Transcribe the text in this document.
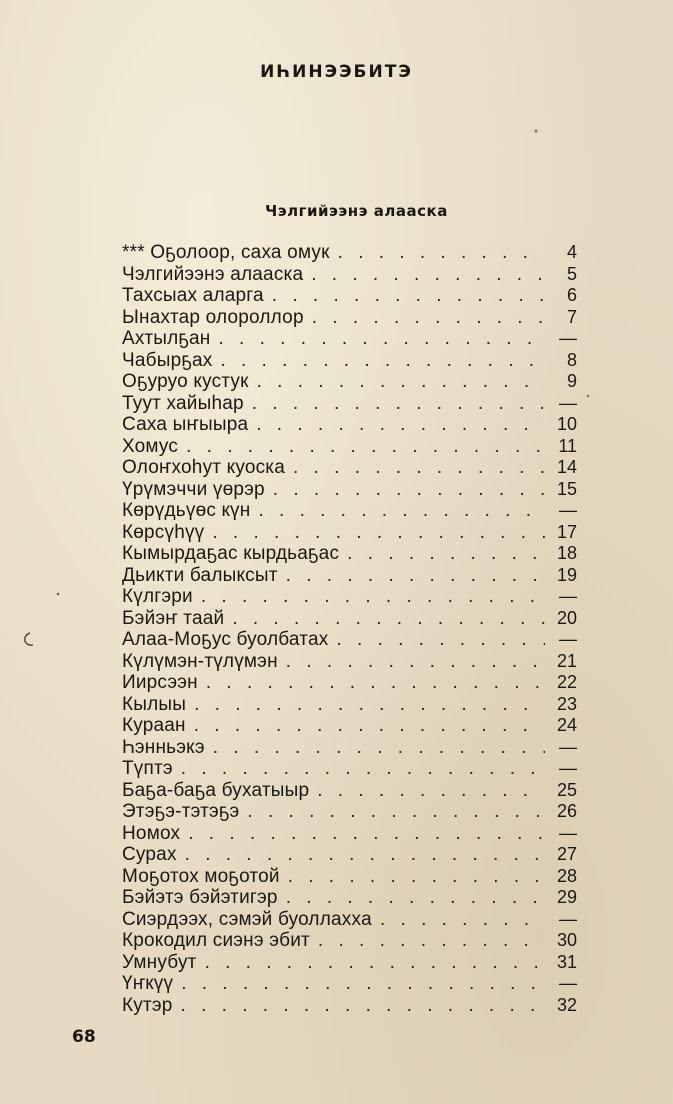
ИҺИНЭЭБИТЭ
Чэлгийээнэ алааска
*** Оҕолоор, саха омук . . .	4
Чэлгийээнэ алааска . . .	5
Тахсыах аларга . . .	6
Ынахтар олороллор . . .	7
Ахтылҕан . . .	—
Чабырҕах . . .	8
Оҕуруо кустук . . .	9
Туут хайыһар . . .	—
Саха ыҥыыра . . .	10
Хомус . . .	11
Олоҥхоһут куоска . . .	14
Үрүмэччи үөрэр . . .	15
Көрүдьүөс күн . . .	—
Көрсүһүү . . .	17
Кымырдаҕас кырдьаҕас . . .	18
Дьикти балыксыт . . .	19
Күлгэри . . .	—
Бэйэҥ таай . . .	20
Алаа-Моҕус буолбатах . . .	—
Күлүмэн-түлүмэн . . .	21
Ииpсээн . . .	22
Кылыы . . .	23
Кураан . . .	24
Һэнньэкэ . . .	—
Түптэ . . .	—
Баҕа-баҕа бухатыыр . . .	25
Этэҕэ-тэтэҕэ . . .	26
Номох . . .	—
Сурах . . .	27
Моҕотох моҕотой . . .	28
Бэйэтэ бэйэтигэр . . .	29
Сиэрдээх, сэмэй буоллаххa . . .	—
Крокодил сиэнэ эбит . . .	30
Умнубут . . .	31
Үҥкүү . . .	—
Кутэр . . .	32
68
